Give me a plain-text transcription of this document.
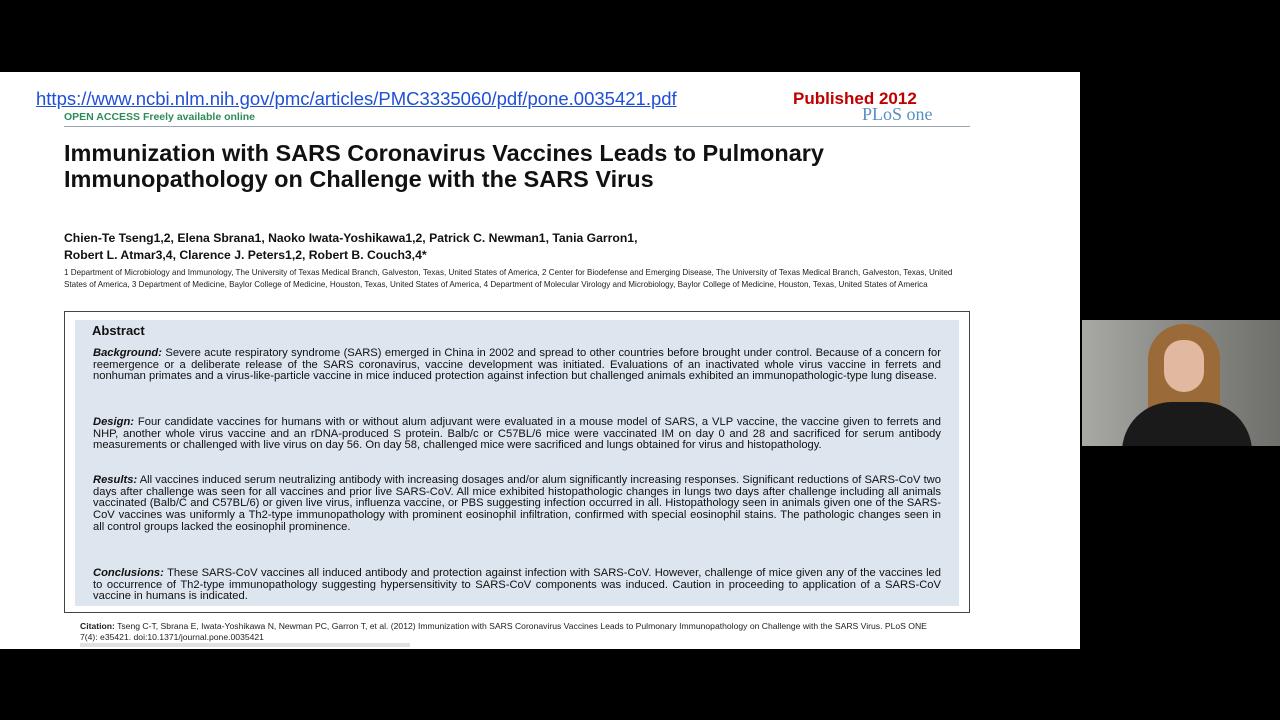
https://www.ncbi.nlm.nih.gov/pmc/articles/PMC3335060/pdf/pone.0035421.pdf	Published 2012
OPEN ACCESS Freely available online	PLoS one
Immunization with SARS Coronavirus Vaccines Leads to Pulmonary Immunopathology on Challenge with the SARS Virus
Chien-Te Tseng1,2, Elena Sbrana1, Naoko Iwata-Yoshikawa1,2, Patrick C. Newman1, Tania Garron1,
Robert L. Atmar3,4, Clarence J. Peters1,2, Robert B. Couch3,4*
1 Department of Microbiology and Immunology, The University of Texas Medical Branch, Galveston, Texas, United States of America, 2 Center for Biodefense and Emerging Disease, The University of Texas Medical Branch, Galveston, Texas, United States of America, 3 Department of Medicine, Baylor College of Medicine, Houston, Texas, United States of America, 4 Department of Molecular Virology and Microbiology, Baylor College of Medicine, Houston, Texas, United States of America
Abstract
Background: Severe acute respiratory syndrome (SARS) emerged in China in 2002 and spread to other countries before brought under control. Because of a concern for reemergence or a deliberate release of the SARS coronavirus, vaccine development was initiated. Evaluations of an inactivated whole virus vaccine in ferrets and nonhuman primates and a virus-like-particle vaccine in mice induced protection against infection but challenged animals exhibited an immunopathologic-type lung disease.
Design: Four candidate vaccines for humans with or without alum adjuvant were evaluated in a mouse model of SARS, a VLP vaccine, the vaccine given to ferrets and NHP, another whole virus vaccine and an rDNA-produced S protein. Balb/c or C57BL/6 mice were vaccinated IM on day 0 and 28 and sacrificed for serum antibody measurements or challenged with live virus on day 56. On day 58, challenged mice were sacrificed and lungs obtained for virus and histopathology.
Results: All vaccines induced serum neutralizing antibody with increasing dosages and/or alum significantly increasing responses. Significant reductions of SARS-CoV two days after challenge was seen for all vaccines and prior live SARS-CoV. All mice exhibited histopathologic changes in lungs two days after challenge including all animals vaccinated (Balb/C and C57BL/6) or given live virus, influenza vaccine, or PBS suggesting infection occurred in all. Histopathology seen in animals given one of the SARS-CoV vaccines was uniformly a Th2-type immunopathology with prominent eosinophil infiltration, confirmed with special eosinophil stains. The pathologic changes seen in all control groups lacked the eosinophil prominence.
Conclusions: These SARS-CoV vaccines all induced antibody and protection against infection with SARS-CoV. However, challenge of mice given any of the vaccines led to occurrence of Th2-type immunopathology suggesting hypersensitivity to SARS-CoV components was induced. Caution in proceeding to application of a SARS-CoV vaccine in humans is indicated.
Citation: Tseng C-T, Sbrana E, Iwata-Yoshikawa N, Newman PC, Garron T, et al. (2012) Immunization with SARS Coronavirus Vaccines Leads to Pulmonary Immunopathology on Challenge with the SARS Virus. PLoS ONE 7(4): e35421. doi:10.1371/journal.pone.0035421
